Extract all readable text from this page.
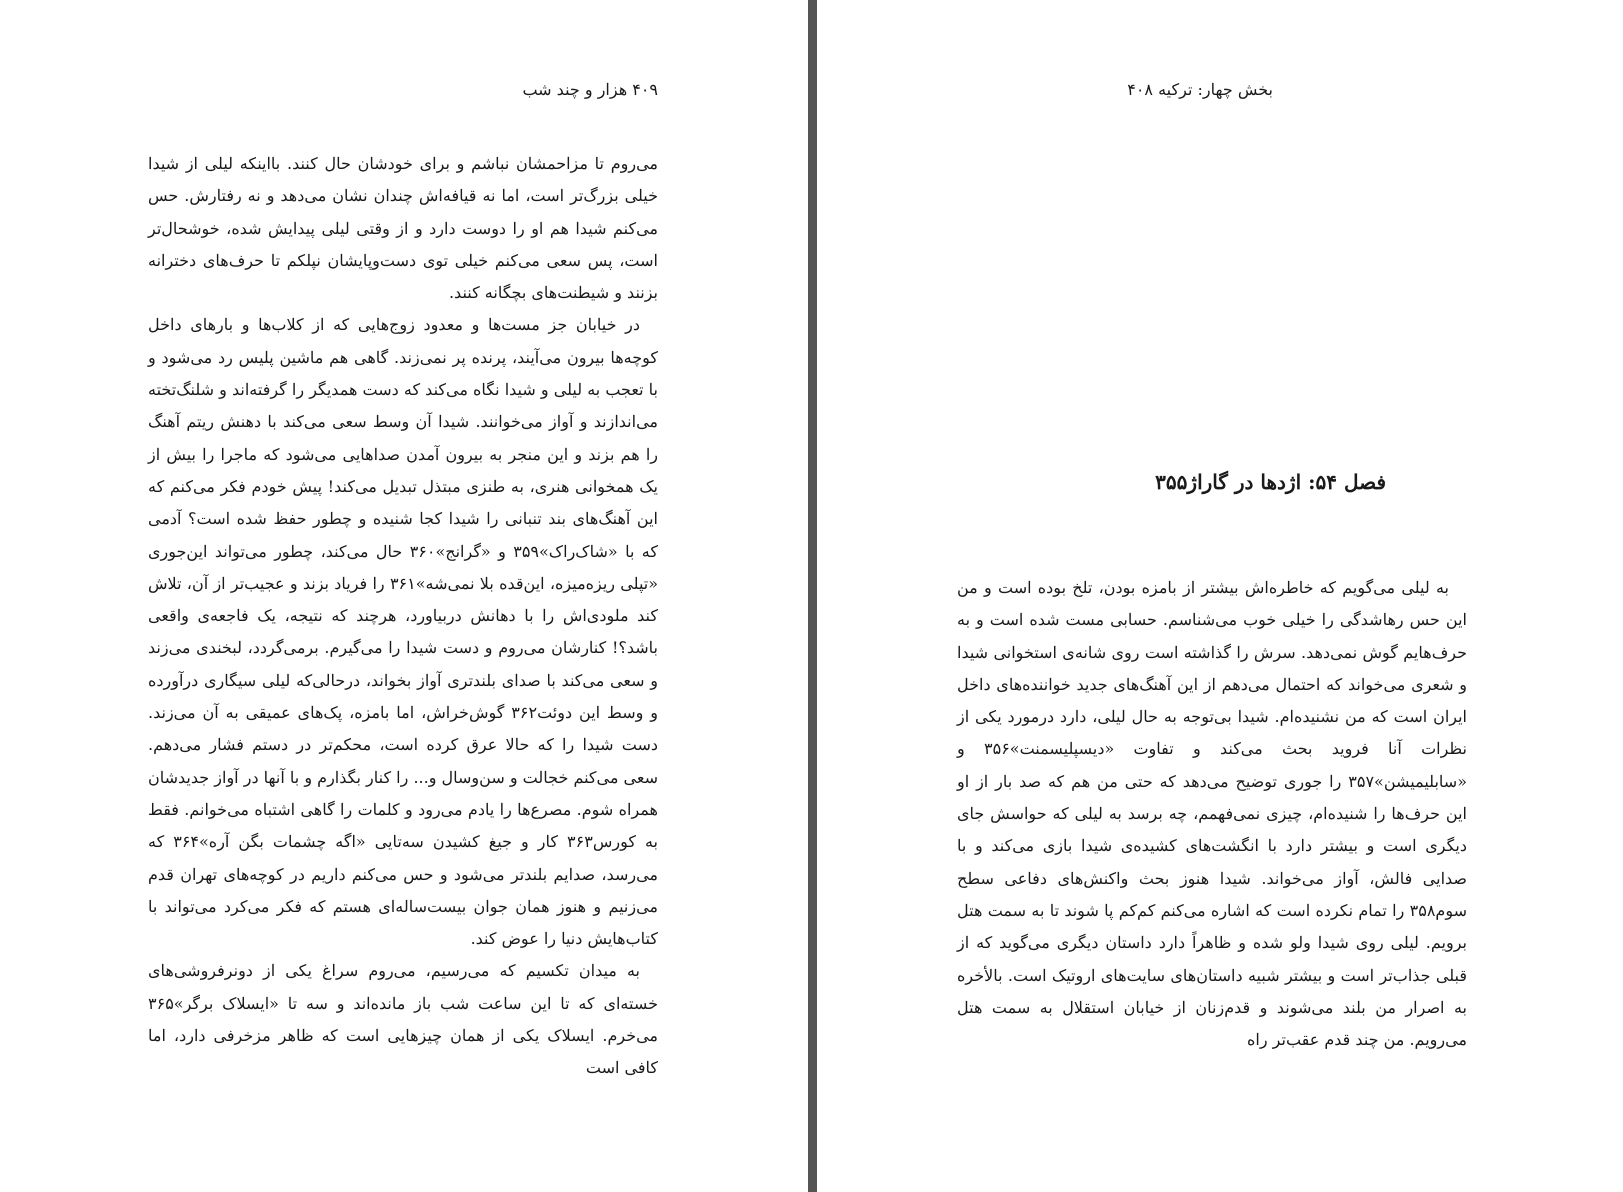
۴۰۹ هزار و چند شب

می‌روم تا مزاحمشان نباشم و برای خودشان حال کنند. بااینکه لیلی از شیدا خیلی بزرگ‌تر است، اما نه قیافه‌اش چندان نشان می‌دهد و نه رفتارش. حس می‌کنم شیدا هم او را دوست دارد و از وقتی لیلی پیدایش شده، خوشحال‌تر است، پس سعی می‌کنم خیلی توی دست‌وپایشان نپلکم تا حرف‌های دخترانه بزنند و شیطنت‌های بچگانه کنند.

در خیابان جز مست‌ها و معدود زوج‌هایی که از کلاب‌ها و بارهای داخل کوچه‌ها بیرون می‌آیند، پرنده پر نمی‌زند. گاهی هم ماشین پلیس رد می‌شود و با تعجب به لیلی و شیدا نگاه می‌کند که دست همدیگر را گرفته‌اند و شلنگ‌تخته می‌اندازند و آواز می‌خوانند. شیدا آن وسط سعی می‌کند با دهنش ریتم آهنگ را هم بزند و این منجر به بیرون آمدن صداهایی می‌شود که ماجرا را بیش از یک همخوانی هنری، به طنزی مبتذل تبدیل می‌کند! پیش خودم فکر می‌کنم که این آهنگ‌های بند تنبانی را شیدا کجا شنیده و چطور حفظ شده است؟ آدمی که با «شاک‌راک»۳۵۹ و «گرانج»۳۶۰ حال می‌کند، چطور می‌تواند این‌جوری «تپلی ریزه‌میزه، این‌قده بلا نمی‌شه»۳۶۱ را فریاد بزند و عجیب‌تر از آن، تلاش کند ملودی‌اش را با دهانش دربیاورد، هرچند که نتیجه، یک فاجعه‌ی واقعی باشد؟! کنارشان می‌روم و دست شیدا را می‌گیرم. برمی‌گردد، لبخندی می‌زند و سعی می‌کند با صدای بلندتری آواز بخواند، درحالی‌که لیلی سیگاری درآورده و وسط این دوئت۳۶۲ گوش‌خراش، اما بامزه، پک‌های عمیقی به آن می‌زند. دست شیدا را که حالا عرق کرده است، محکم‌تر در دستم فشار می‌دهم. سعی می‌کنم خجالت و سن‌وسال و... را کنار بگذارم و با آنها در آواز جدیدشان همراه شوم. مصرع‌ها را یادم می‌رود و کلمات را گاهی اشتباه می‌خوانم. فقط به کورس۳۶۳ کار و جیغ کشیدن سه‌تایی «اگه چشمات بگن آره»۳۶۴ که می‌رسد، صدایم بلندتر می‌شود و حس می‌کنم داریم در کوچه‌های تهران قدم می‌زنیم و هنوز همان جوان بیست‌ساله‌ای هستم که فکر می‌کرد می‌تواند با کتاب‌هایش دنیا را عوض کند.

به میدان تکسیم که می‌رسیم، می‌روم سراغ یکی از دونرفروشی‌های خسته‌ای که تا این ساعت شب باز مانده‌اند و سه تا «ایسلاک برگر»۳۶۵ می‌خرم. ایسلاک یکی از همان چیزهایی است که ظاهر مزخرفی دارد، اما کافی است

بخش چهار: ترکیه ۴۰۸
فصل ۵۴: اژدها در گاراژ۳۵۵

به لیلی می‌گویم که خاطره‌اش بیشتر از بامزه بودن، تلخ بوده است و من این حس رهاشدگی را خیلی خوب می‌شناسم. حسابی مست شده است و به حرف‌هایم گوش نمی‌دهد. سرش را گذاشته است روی شانه‌ی استخوانی شیدا و شعری می‌خواند که احتمال می‌دهم از این آهنگ‌های جدید خواننده‌های داخل ایران است که من نشنیده‌ام. شیدا بی‌توجه به حال لیلی، دارد درمورد یکی از نظرات آنا فروید بحث می‌کند و تفاوت «دیسپلیسمنت»۳۵۶ و «سابلیمیشن»۳۵۷ را جوری توضیح می‌دهد که حتی من هم که صد بار از او این حرف‌ها را شنیده‌ام، چیزی نمی‌فهمم، چه برسد به لیلی که حواسش جای دیگری است و بیشتر دارد با انگشت‌های کشیده‌ی شیدا بازی می‌کند و با صدایی فالش، آواز می‌خواند. شیدا هنوز بحث واکنش‌های دفاعی سطح سوم۳۵۸ را تمام نکرده است که اشاره می‌کنم کم‌کم پا شوند تا به سمت هتل برویم. لیلی روی شیدا ولو شده و ظاهراً دارد داستان دیگری می‌گوید که از قبلی جذاب‌تر است و بیشتر شبیه داستان‌های سایت‌های اروتیک است. بالأخره به اصرار من بلند می‌شوند و قدم‌زنان از خیابان استقلال به سمت هتل می‌رویم. من چند قدم عقب‌تر راه
